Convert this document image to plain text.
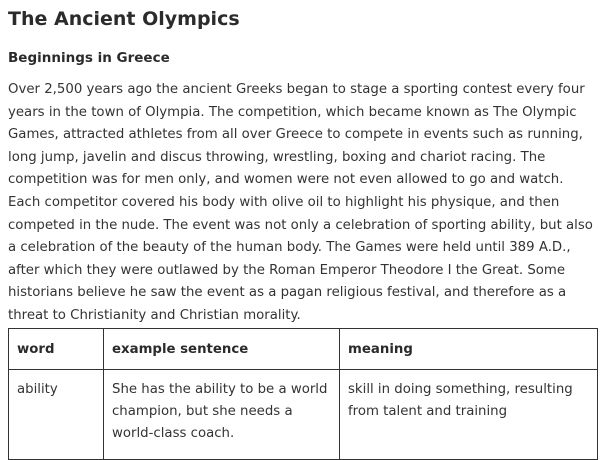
The Ancient Olympics
Beginnings in Greece

Over 2,500 years ago the ancient Greeks began to stage a sporting contest every four years in the town of Olympia. The competition, which became known as The Olympic Games, attracted athletes from all over Greece to compete in events such as running, long jump, javelin and discus throwing, wrestling, boxing and chariot racing. The competition was for men only, and women were not even allowed to go and watch. Each competitor covered his body with olive oil to highlight his physique, and then competed in the nude. The event was not only a celebration of sporting ability, but also a celebration of the beauty of the human body. The Games were held until 389 A.D., after which they were outlawed by the Roman Emperor Theodore I the Great. Some historians believe he saw the event as a pagan religious festival, and therefore as a threat to Christianity and Christian morality.

word	example sentence	meaning
ability	She has the ability to be a world champion, but she needs a world-class coach.	skill in doing something, resulting from talent and training
